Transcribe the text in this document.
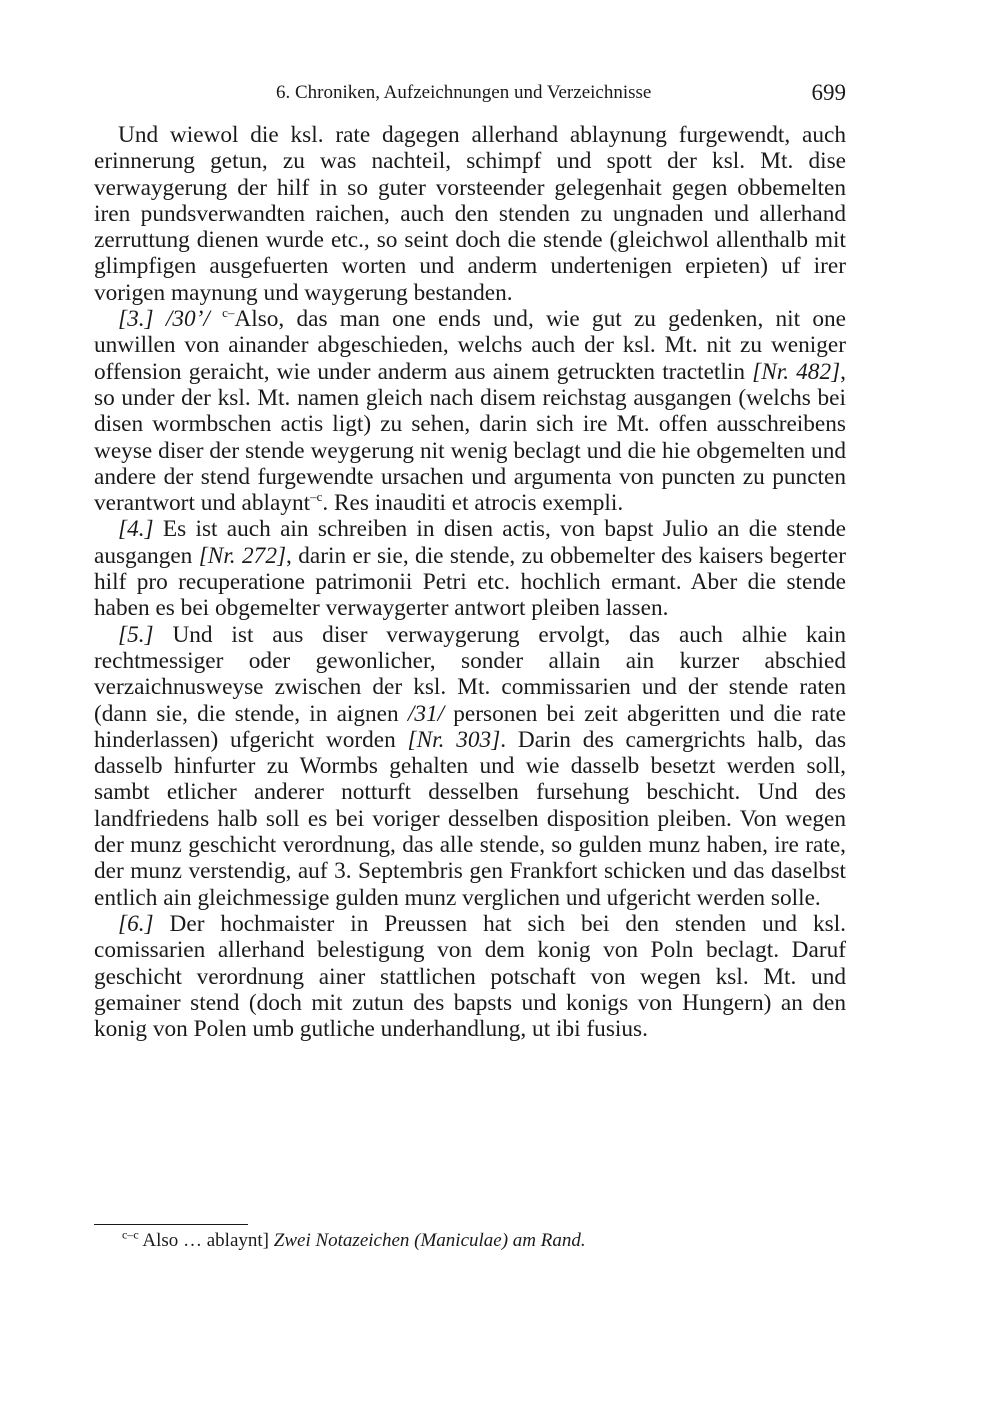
6. Chroniken, Aufzeichnungen und Verzeichnisse	699

Und wiewol die ksl. rate dagegen allerhand ablaynung furgewendt, auch erinnerung getun, zu was nachteil, schimpf und spott der ksl. Mt. dise verwaygerung der hilf in so guter vorsteender gelegenhait gegen obbemelten iren pundsverwandten raichen, auch den stenden zu ungnaden und allerhand zerruttung dienen wurde etc., so seint doch die stende (gleichwol allenthalb mit glimpfigen ausgefuerten worten und anderm undertenigen erpieten) uf irer vorigen maynung und waygerung bestanden.

[3.] /30’/ $^{c-}$Also, das man one ends und, wie gut zu gedenken, nit one unwillen von ainander abgeschieden, welchs auch der ksl. Mt. nit zu weniger offension geraicht, wie under anderm aus ainem getruckten tractetlin [Nr. 482], so under der ksl. Mt. namen gleich nach disem reichstag ausgangen (welchs bei disen wormbschen actis ligt) zu sehen, darin sich ire Mt. offen ausschreibens weyse diser der stende weygerung nit wenig beclagt und die hie obgemelten und andere der stend furgewendte ursachen und argumenta von puncten zu puncten verantwort und ablaynt$^{-c}$. Res inauditi et atrocis exempli.

[4.] Es ist auch ain schreiben in disen actis, von bapst Julio an die stende ausgangen [Nr. 272], darin er sie, die stende, zu obbemelter des kaisers begerter hilf pro recuperatione patrimonii Petri etc. hochlich ermant. Aber die stende haben es bei obgemelter verwaygerter antwort pleiben lassen.

[5.] Und ist aus diser verwaygerung ervolgt, das auch alhie kain rechtmessiger oder gewonlicher, sonder allain ain kurzer abschied verzaichnusweyse zwischen der ksl. Mt. commissarien und der stende raten (dann sie, die stende, in aignen /31/ personen bei zeit abgeritten und die rate hinderlassen) ufgericht worden [Nr. 303]. Darin des camergrichts halb, das dasselb hinfurter zu Wormbs gehalten und wie dasselb besetzt werden soll, sambt etlicher anderer notturft desselben fursehung beschicht. Und des landfriedens halb soll es bei voriger desselben disposition pleiben. Von wegen der munz geschicht verordnung, das alle stende, so gulden munz haben, ire rate, der munz verstendig, auf 3. Septembris gen Frankfort schicken und das daselbst entlich ain gleichmessige gulden munz verglichen und ufgericht werden solle.

[6.] Der hochmaister in Preussen hat sich bei den stenden und ksl. comissarien allerhand belestigung von dem konig von Poln beclagt. Daruf geschicht verordnung ainer stattlichen potschaft von wegen ksl. Mt. und gemainer stend (doch mit zutun des bapsts und konigs von Hungern) an den konig von Polen umb gutliche underhandlung, ut ibi fusius.

$^{c-c}$ Also … ablaynt] Zwei Notazeichen (Maniculae) am Rand.
